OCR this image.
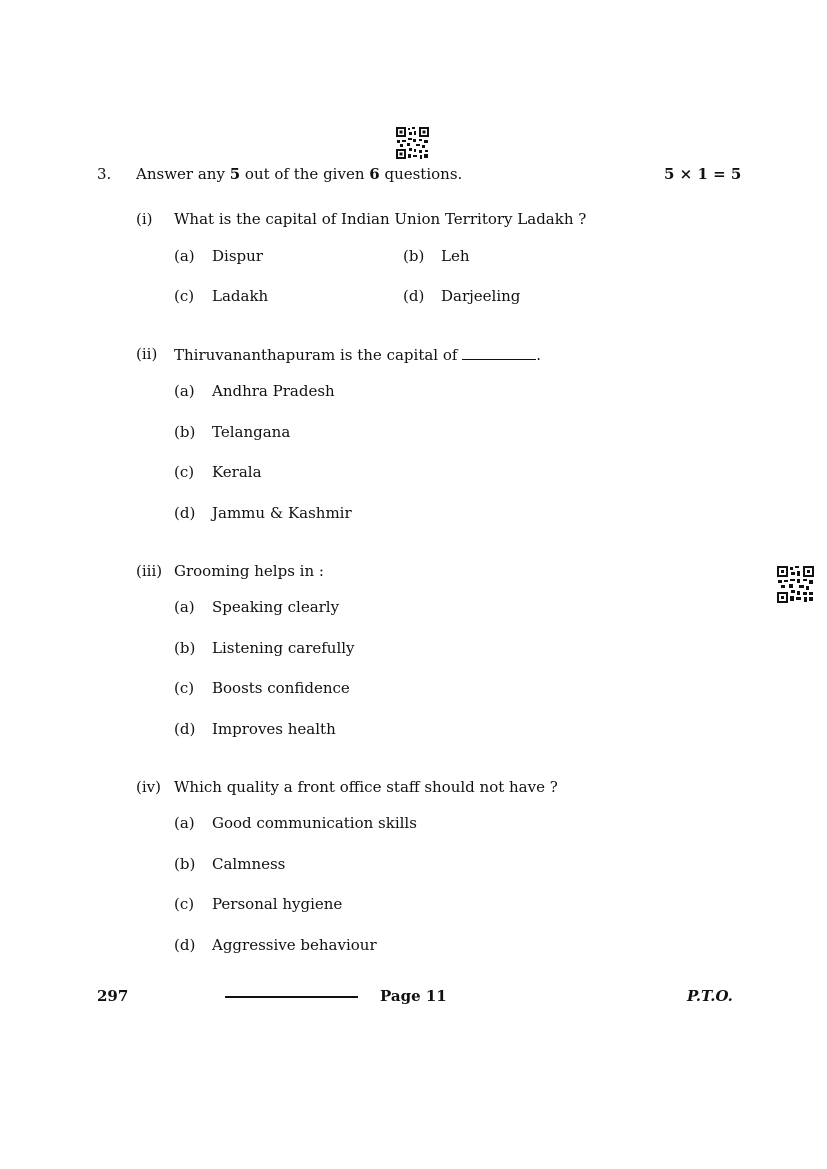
3. Answer any 5 out of the given 6 questions.	5 × 1 = 5
(i) What is the capital of Indian Union Territory Ladakh ?
(a) Dispur	(b) Leh
(c) Ladakh	(d) Darjeeling
(ii) Thiruvananthapuram is the capital of	.
(a) Andhra Pradesh
(b) Telangana
(c) Kerala
(d) Jammu & Kashmir
(iii) Grooming helps in :
(a) Speaking clearly
(b) Listening carefully
(c) Boosts confidence
(d) Improves health
(iv) Which quality a front office staff should not have ?
(a) Good communication skills
(b) Calmness
(c) Personal hygiene
(d) Aggressive behaviour
297	Page 11	P.T.O.
